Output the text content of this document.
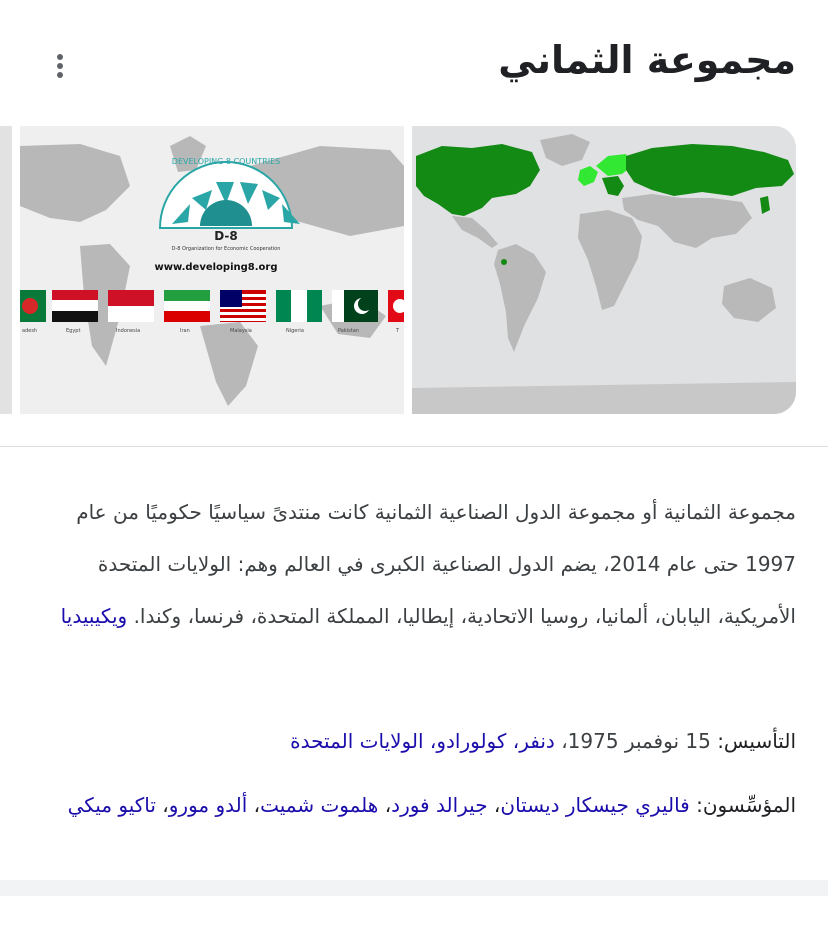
مجموعة الثماني
DEVELOPING 8 COUNTRIES
D-8
D-8 Organization for Economic Cooperation
www.developing8.org
adesh	Egypt	Indonesia	Iran	Malaysia	Nigeria	Pakistan	T
مجموعة الثمانية أو مجموعة الدول الصناعية الثمانية كانت منتدىً سياسيًا حكوميًا من عام 1997 حتى عام 2014، يضم الدول الصناعية الكبرى في العالم وهم: الولايات المتحدة الأمريكية، اليابان، ألمانيا، روسيا الاتحادية، إيطاليا، المملكة المتحدة، فرنسا، وكندا. ويكيبيديا
التأسيس: 15 نوفمبر 1975، دنفر، كولورادو، الولايات المتحدة
المؤسِّسون: فاليري جيسكار ديستان، جيرالد فورد، هلموت شميت، ألدو مورو، تاكيو ميكي
